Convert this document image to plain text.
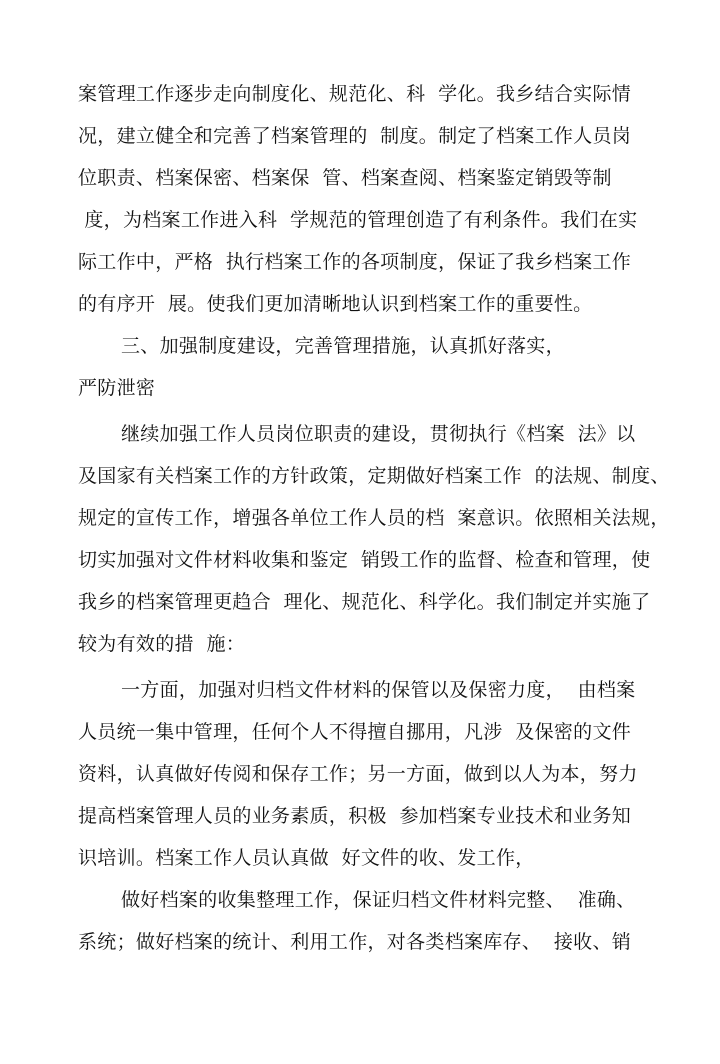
案管理工作逐步走向制度化、规范化、科  学化。我乡结合实际情
况，建立健全和完善了档案管理的  制度。制定了档案工作人员岗
位职责、档案保密、档案保  管、档案查阅、档案鉴定销毁等制
度，为档案工作进入科  学规范的管理创造了有利条件。我们在实
际工作中，严格  执行档案工作的各项制度，保证了我乡档案工作
的有序开  展。使我们更加清晰地认识到档案工作的重要性。
三、加强制度建设，完善管理措施，认真抓好落实，
严防泄密
继续加强工作人员岗位职责的建设，贯彻执行《档案  法》以
及国家有关档案工作的方针政策，定期做好档案工作  的法规、制度、
规定的宣传工作，增强各单位工作人员的档  案意识。依照相关法规，
切实加强对文件材料收集和鉴定  销毁工作的监督、检查和管理，使
我乡的档案管理更趋合  理化、规范化、科学化。我们制定并实施了
较为有效的措  施：
一方面，加强对归档文件材料的保管以及保密力度，  由档案
人员统一集中管理，任何个人不得擅自挪用，凡涉  及保密的文件
资料，认真做好传阅和保存工作；另一方面，做到以人为本，努力
提高档案管理人员的业务素质，积极  参加档案专业技术和业务知
识培训。档案工作人员认真做  好文件的收、发工作，
做好档案的收集整理工作，保证归档文件材料完整、  准确、
系统；做好档案的统计、利用工作，对各类档案库存、  接收、销
